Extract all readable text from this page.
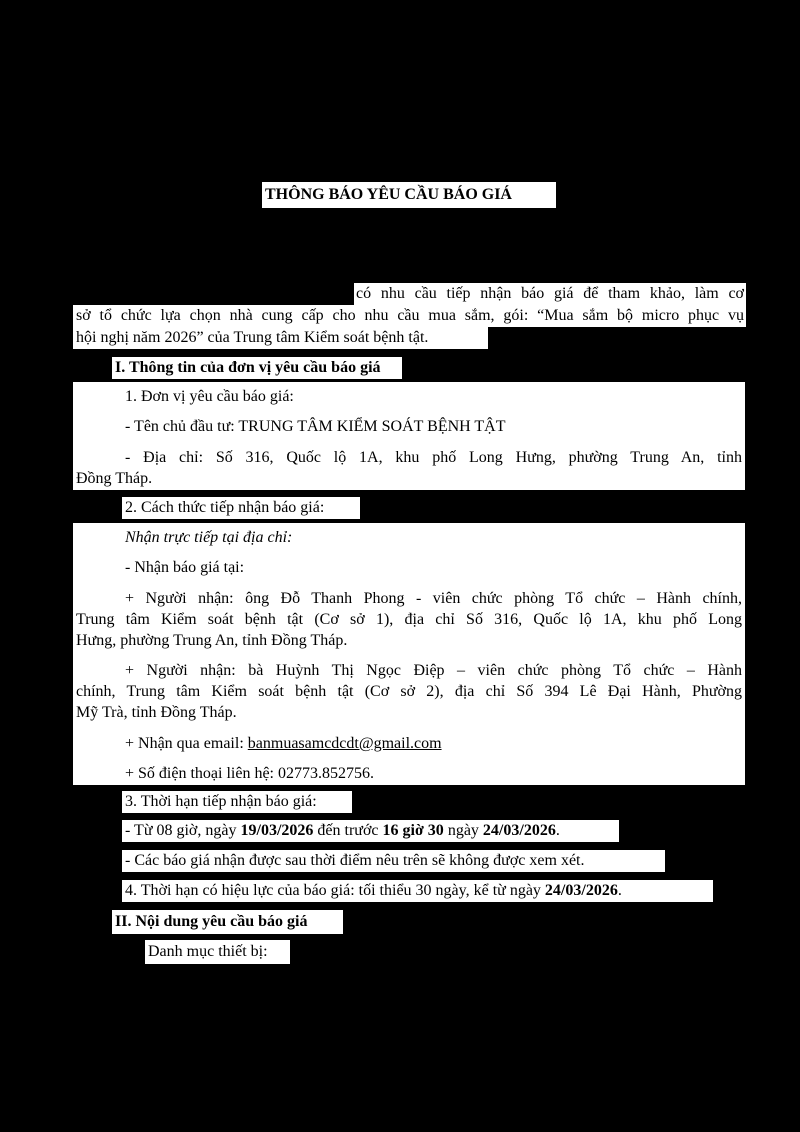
THÔNG BÁO YÊU CẦU BÁO GIÁ
có nhu cầu tiếp nhận báo giá để tham khảo, làm cơ
sở tổ chức lựa chọn nhà cung cấp cho nhu cầu mua sắm, gói: “Mua sắm bộ micro phục vụ
hội nghị năm 2026” của Trung tâm Kiểm soát bệnh tật.
I. Thông tin của đơn vị yêu cầu báo giá
1. Đơn vị yêu cầu báo giá:
- Tên chủ đầu tư: TRUNG TÂM KIỂM SOÁT BỆNH TẬT
- Địa chỉ: Số 316, Quốc lộ 1A, khu phố Long Hưng, phường Trung An, tỉnh
Đồng Tháp.
2. Cách thức tiếp nhận báo giá:
Nhận trực tiếp tại địa chỉ:
- Nhận báo giá tại:
+ Người nhận: ông Đỗ Thanh Phong - viên chức phòng Tổ chức – Hành chính,
Trung tâm Kiểm soát bệnh tật (Cơ sở 1), địa chỉ Số 316, Quốc lộ 1A, khu phố Long
Hưng, phường Trung An, tỉnh Đồng Tháp.
+ Người nhận: bà Huỳnh Thị Ngọc Điệp – viên chức phòng Tổ chức – Hành
chính, Trung tâm Kiểm soát bệnh tật (Cơ sở 2), địa chỉ Số 394 Lê Đại Hành, Phường
Mỹ Trà, tỉnh Đồng Tháp.
+ Nhận qua email: banmuasamcdcdt@gmail.com
+ Số điện thoại liên hệ: 02773.852756.
3. Thời hạn tiếp nhận báo giá:
- Từ 08 giờ, ngày 19/03/2026 đến trước 16 giờ 30 ngày 24/03/2026.
- Các báo giá nhận được sau thời điểm nêu trên sẽ không được xem xét.
4. Thời hạn có hiệu lực của báo giá: tối thiểu 30 ngày, kể từ ngày 24/03/2026.
II. Nội dung yêu cầu báo giá
Danh mục thiết bị:
